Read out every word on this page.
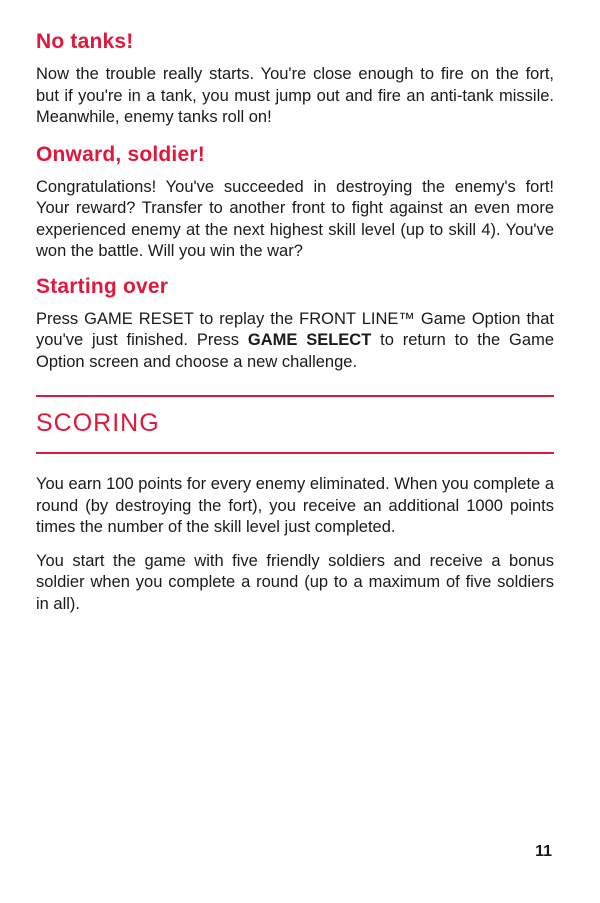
No tanks!

Now the trouble really starts. You're close enough to fire on the fort, but if you're in a tank, you must jump out and fire an anti-tank missile. Meanwhile, enemy tanks roll on!

Onward, soldier!

Congratulations! You've succeeded in destroying the enemy's fort! Your reward? Transfer to another front to fight against an even more experienced enemy at the next highest skill level (up to skill 4). You've won the battle. Will you win the war?

Starting over

Press GAME RESET to replay the FRONT LINE™ Game Option that you've just finished. Press GAME SELECT to return to the Game Option screen and choose a new challenge.

SCORING

You earn 100 points for every enemy eliminated. When you complete a round (by destroying the fort), you receive an additional 1000 points times the number of the skill level just completed.

You start the game with five friendly soldiers and receive a bonus soldier when you complete a round (up to a maximum of five soldiers in all).

11
